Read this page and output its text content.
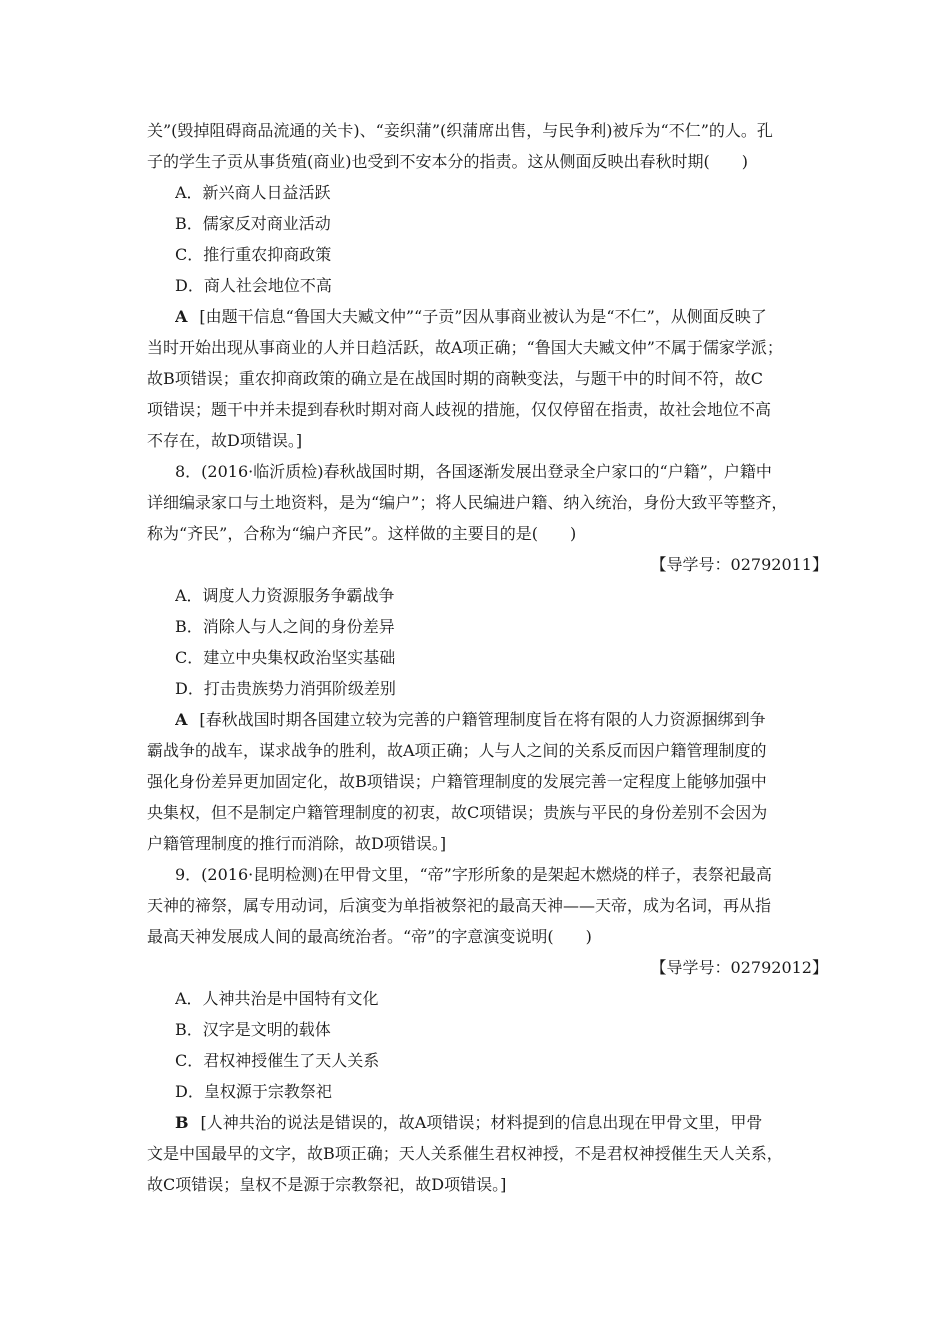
关”(毁掉阻碍商品流通的关卡)、“妾织蒲”(织蒲席出售，与民争利)被斥为“不仁”的人。孔
子的学生子贡从事货殖(商业)也受到不安本分的指责。这从侧面反映出春秋时期(　　)
A．新兴商人日益活跃
B．儒家反对商业活动
C．推行重农抑商政策
D．商人社会地位不高
A [由题干信息“鲁国大夫臧文仲”“子贡”因从事商业被认为是“不仁”，从侧面反映了
当时开始出现从事商业的人并日趋活跃，故A项正确；“鲁国大夫臧文仲”不属于儒家学派；
故B项错误；重农抑商政策的确立是在战国时期的商鞅变法，与题干中的时间不符，故C
项错误；题干中并未提到春秋时期对商人歧视的措施，仅仅停留在指责，故社会地位不高
不存在，故D项错误。]
8．(2016·临沂质检)春秋战国时期，各国逐渐发展出登录全户家口的“户籍”，户籍中
详细编录家口与土地资料，是为“编户”；将人民编进户籍、纳入统治，身份大致平等整齐，
称为“齐民”，合称为“编户齐民”。这样做的主要目的是(　　)
【导学号：02792011】
A．调度人力资源服务争霸战争
B．消除人与人之间的身份差异
C．建立中央集权政治坚实基础
D．打击贵族势力消弭阶级差别
A [春秋战国时期各国建立较为完善的户籍管理制度旨在将有限的人力资源捆绑到争
霸战争的战车，谋求战争的胜利，故A项正确；人与人之间的关系反而因户籍管理制度的
强化身份差异更加固定化，故B项错误；户籍管理制度的发展完善一定程度上能够加强中
央集权，但不是制定户籍管理制度的初衷，故C项错误；贵族与平民的身份差别不会因为
户籍管理制度的推行而消除，故D项错误。]
9．(2016·昆明检测)在甲骨文里，“帝”字形所象的是架起木燃烧的样子，表祭祀最高
天神的禘祭，属专用动词，后演变为单指被祭祀的最高天神——天帝，成为名词，再从指
最高天神发展成人间的最高统治者。“帝”的字意演变说明(　　)
【导学号：02792012】
A．人神共治是中国特有文化
B．汉字是文明的载体
C．君权神授催生了天人关系
D．皇权源于宗教祭祀
B [人神共治的说法是错误的，故A项错误；材料提到的信息出现在甲骨文里，甲骨
文是中国最早的文字，故B项正确；天人关系催生君权神授，不是君权神授催生天人关系，
故C项错误；皇权不是源于宗教祭祀，故D项错误。]
